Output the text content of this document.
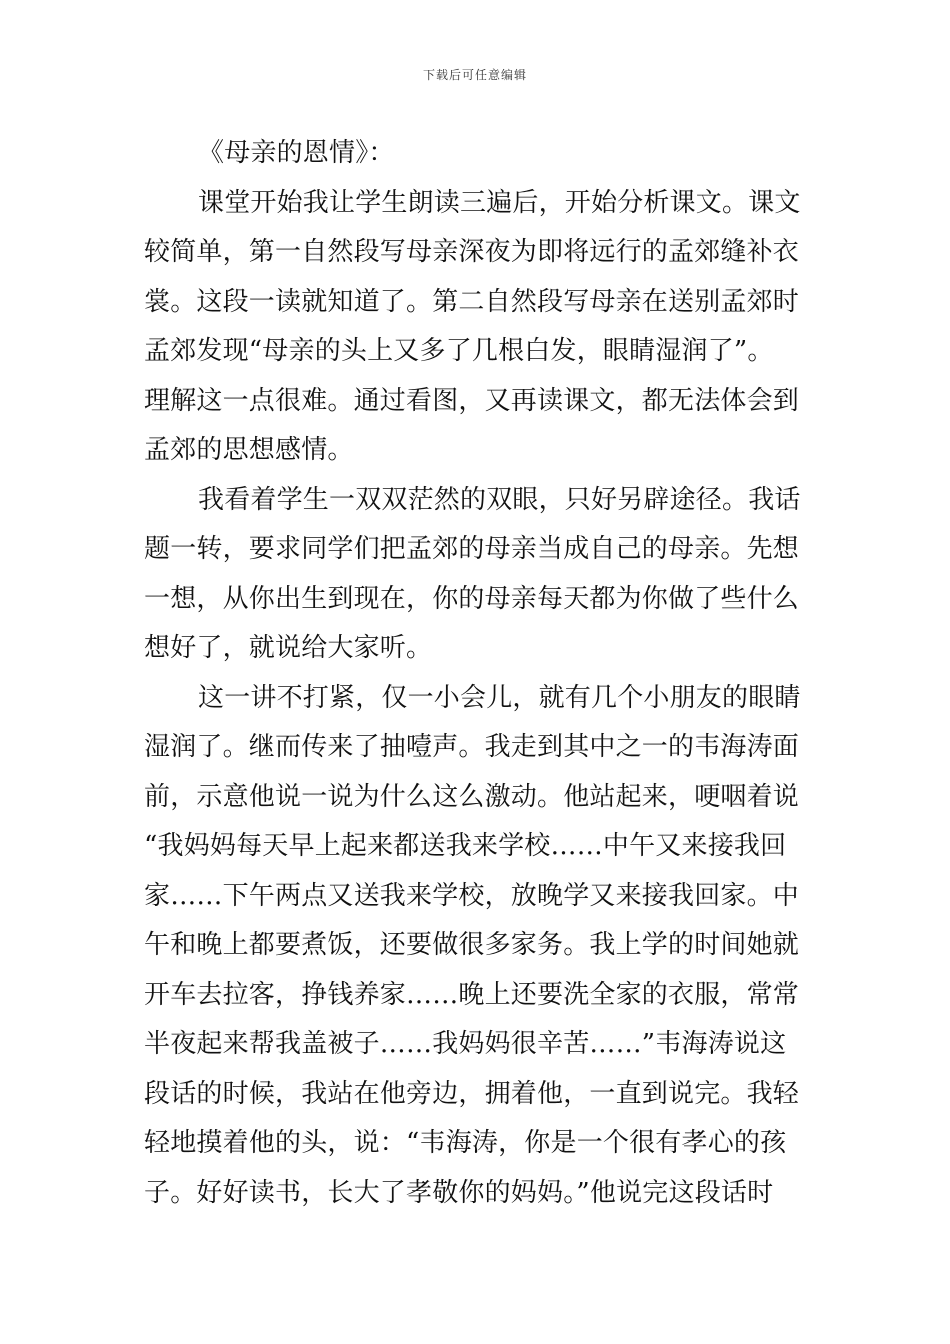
下载后可任意编辑
《母亲的恩情》：
课堂开始我让学生朗读三遍后，开始分析课文。课文
较简单，第一自然段写母亲深夜为即将远行的孟郊缝补衣
裳。这段一读就知道了。第二自然段写母亲在送别孟郊时
孟郊发现“母亲的头上又多了几根白发，眼睛湿润了”。
理解这一点很难。通过看图，又再读课文，都无法体会到
孟郊的思想感情。
我看着学生一双双茫然的双眼，只好另辟途径。我话
题一转，要求同学们把孟郊的母亲当成自己的母亲。先想
一想，从你出生到现在，你的母亲每天都为你做了些什么
想好了，就说给大家听。
这一讲不打紧，仅一小会儿，就有几个小朋友的眼睛
湿润了。继而传来了抽噎声。我走到其中之一的韦海涛面
前，示意他说一说为什么这么激动。他站起来，哽咽着说
“我妈妈每天早上起来都送我来学校……中午又来接我回
家……下午两点又送我来学校，放晚学又来接我回家。中
午和晚上都要煮饭，还要做很多家务。我上学的时间她就
开车去拉客，挣钱养家……晚上还要洗全家的衣服，常常
半夜起来帮我盖被子……我妈妈很辛苦……”韦海涛说这
段话的时候，我站在他旁边，拥着他，一直到说完。我轻
轻地摸着他的头，说：“韦海涛，你是一个很有孝心的孩
子。好好读书，长大了孝敬你的妈妈。”他说完这段话时
